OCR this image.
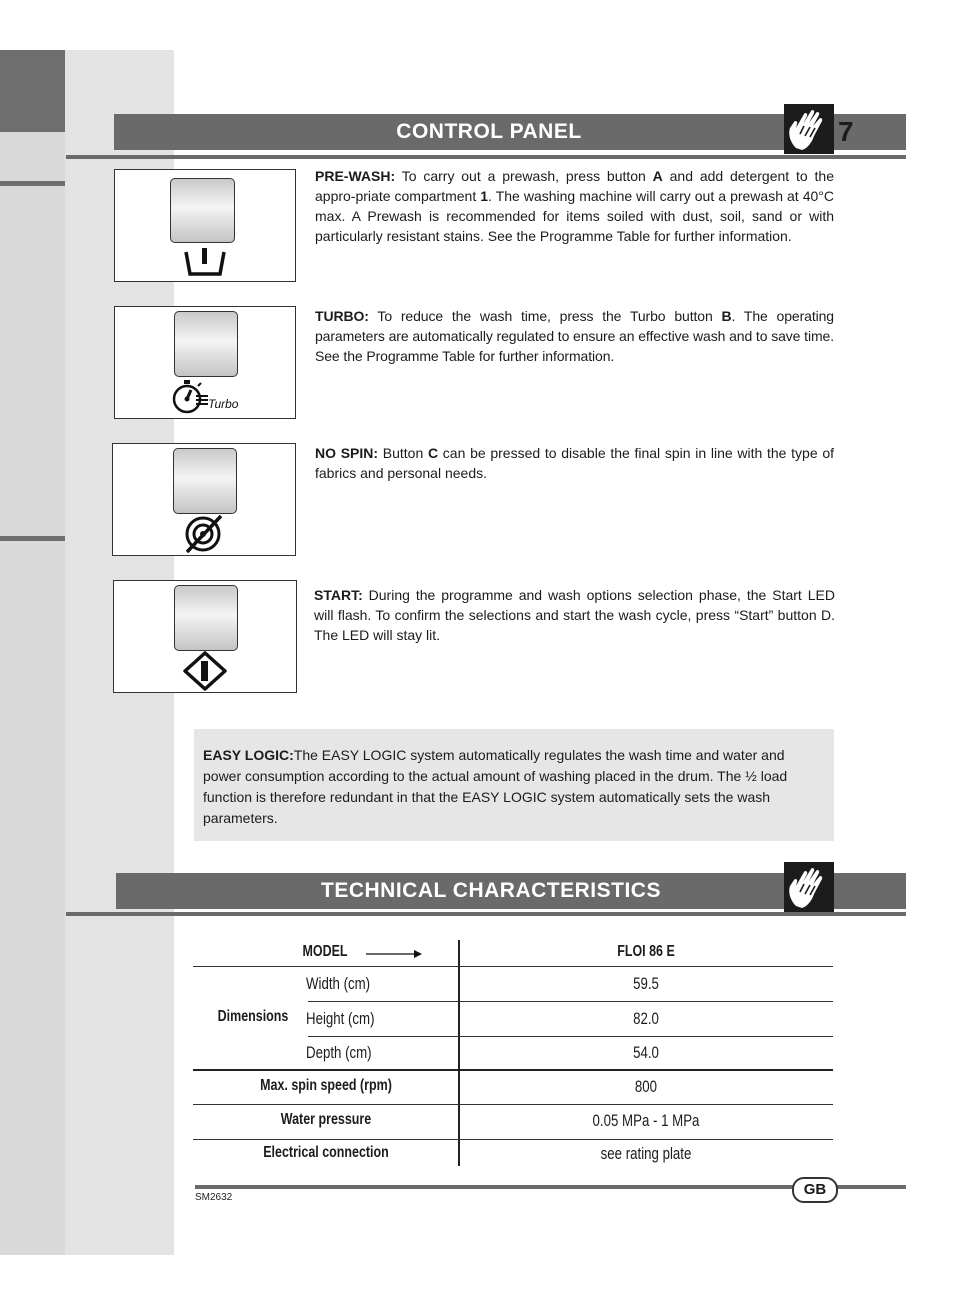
CONTROL PANEL	7
PRE-WASH: To carry out a prewash, press button A and add detergent to the appro-priate compartment 1. The washing machine will carry out a prewash at 40°C max. A Prewash is recommended for items soiled with dust, soil, sand or with particularly resistant stains. See the Programme Table for further information.
Turbo
TURBO: To reduce the wash time, press the Turbo button B. The operating parameters are automatically regulated to ensure an effective wash and to save time. See the Programme Table for further information.
NO SPIN: Button C can be pressed to disable the final spin in line with the type of fabrics and personal needs.
START: During the programme and wash options selection phase, the Start LED will flash. To confirm the selections and start the wash cycle, press “Start” button D. The LED will stay lit.

EASY LOGIC:The EASY LOGIC system automatically regulates the wash time and water and power consumption according to the actual amount of washing placed in the drum. The ½ load function is therefore redundant in that the EASY LOGIC system automatically sets the wash parameters.

TECHNICAL CHARACTERISTICS
MODEL	FLOI 86 E
Dimensions
Width (cm)	59.5
Height (cm)	82.0
Depth (cm)	54.0
Max. spin speed (rpm)	800
Water pressure	0.05 MPa - 1 MPa
Electrical connection	see rating plate
GB
SM2632
